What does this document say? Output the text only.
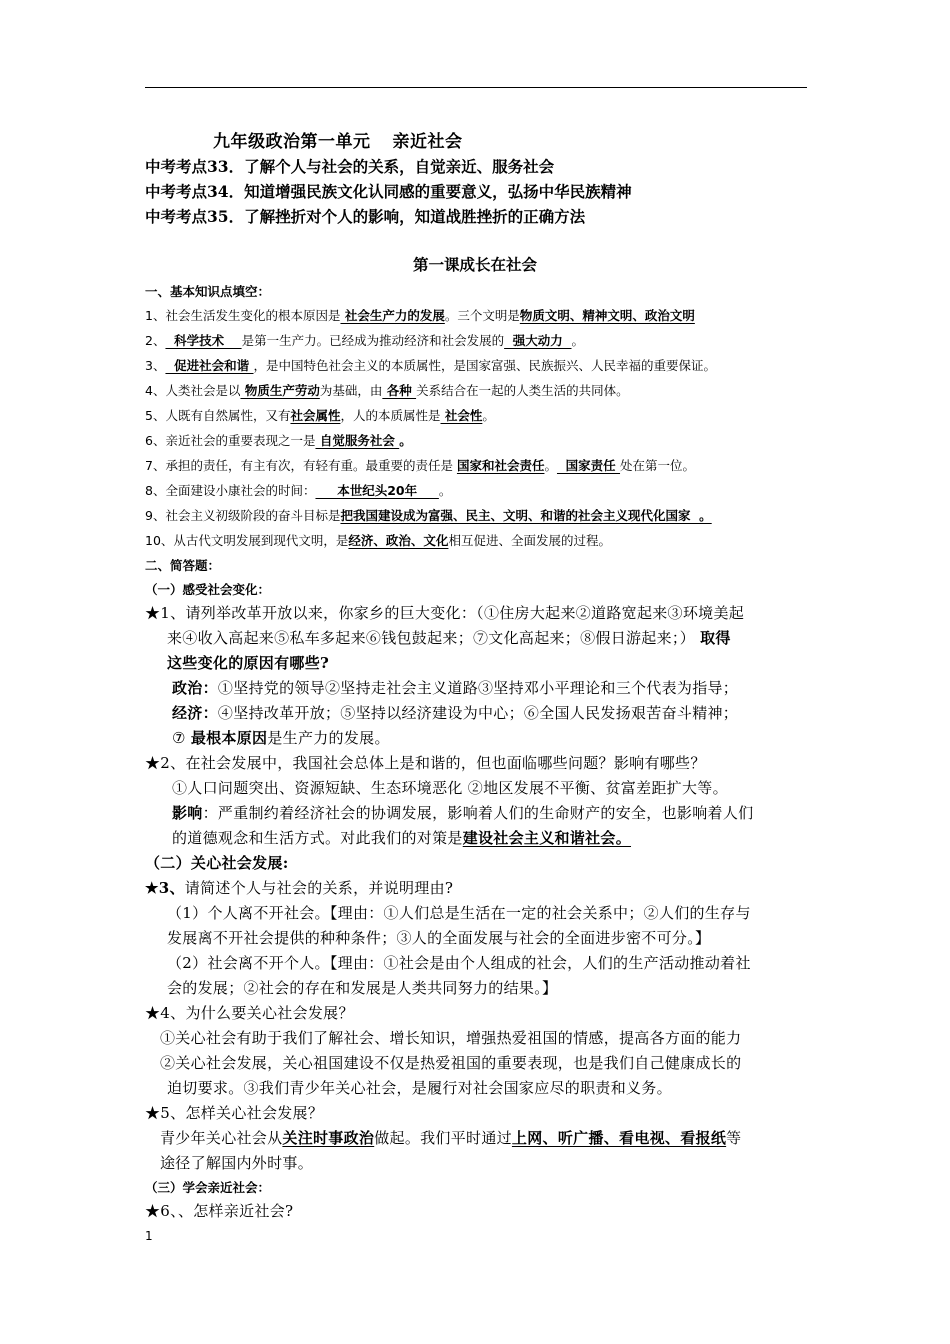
九年级政治第一单元 亲近社会
中考考点33．了解个人与社会的关系，自觉亲近、服务社会
中考考点34．知道增强民族文化认同感的重要意义，弘扬中华民族精神
中考考点35．了解挫折对个人的影响，知道战胜挫折的正确方法
第一课成长在社会
一、基本知识点填空：
1、社会生活发生变化的根本原因是 社会生产力的发展。三个文明是物质文明、精神文明、政治文明
2、  科学技术    是第一生产力。已经成为推动经济和社会发展的  强大动力  。
3、  促进社会和谐 ，是中国特色社会主义的本质属性，是国家富强、民族振兴、人民幸福的重要保证。
4、人类社会是以 物质生产劳动为基础，由 各种 关系结合在一起的人类生活的共同体。
5、人既有自然属性，又有社会属性，人的本质属性是 社会性。
6、亲近社会的重要表现之一是 自觉服务社会 。
7、承担的责任，有主有次，有轻有重。最重要的责任是 国家和社会责任。  国家责任 处在第一位。
8、全面建设小康社会的时间：     本世纪头20年     。
9、社会主义初级阶段的奋斗目标是把我国建设成为富强、民主、文明、和谐的社会主义现代化国家  。
10、从古代文明发展到现代文明，是经济、政治、文化相互促进、全面发展的过程。
二、简答题：
（一）感受社会变化：
★1、请列举改革开放以来，你家乡的巨大变化：（①住房大起来②道路宽起来③环境美起
来④收入高起来⑤私车多起来⑥钱包鼓起来；⑦文化高起来；⑧假日游起来；） 取得
这些变化的原因有哪些?
政治：①坚持党的领导②坚持走社会主义道路③坚持邓小平理论和三个代表为指导；
经济：④坚持改革开放；⑤坚持以经济建设为中心；⑥全国人民发扬艰苦奋斗精神；
⑦ 最根本原因是生产力的发展。
★2、在社会发展中，我国社会总体上是和谐的，但也面临哪些问题？影响有哪些？
①人口问题突出、资源短缺、生态环境恶化 ②地区发展不平衡、贫富差距扩大等。
影响：严重制约着经济社会的协调发展，影响着人们的生命财产的安全，也影响着人们
的道德观念和生活方式。对此我们的对策是建设社会主义和谐社会。
（二）关心社会发展:
★3、请简述个人与社会的关系，并说明理由?
（1）个人离不开社会。【理由：①人们总是生活在一定的社会关系中；②人们的生存与
发展离不开社会提供的种种条件；③人的全面发展与社会的全面进步密不可分。】
（2）社会离不开个人。【理由：①社会是由个人组成的社会，人们的生产活动推动着社
会的发展；②社会的存在和发展是人类共同努力的结果。】
★4、为什么要关心社会发展？
①关心社会有助于我们了解社会、增长知识，增强热爱祖国的情感，提高各方面的能力
②关心社会发展，关心祖国建设不仅是热爱祖国的重要表现，也是我们自己健康成长的
迫切要求。③我们青少年关心社会，是履行对社会国家应尽的职责和义务。
★5、怎样关心社会发展？
青少年关心社会从关注时事政治做起。我们平时通过上网、听广播、看电视、看报纸等
途径了解国内外时事。
（三）学会亲近社会：
★6、、怎样亲近社会?
1
